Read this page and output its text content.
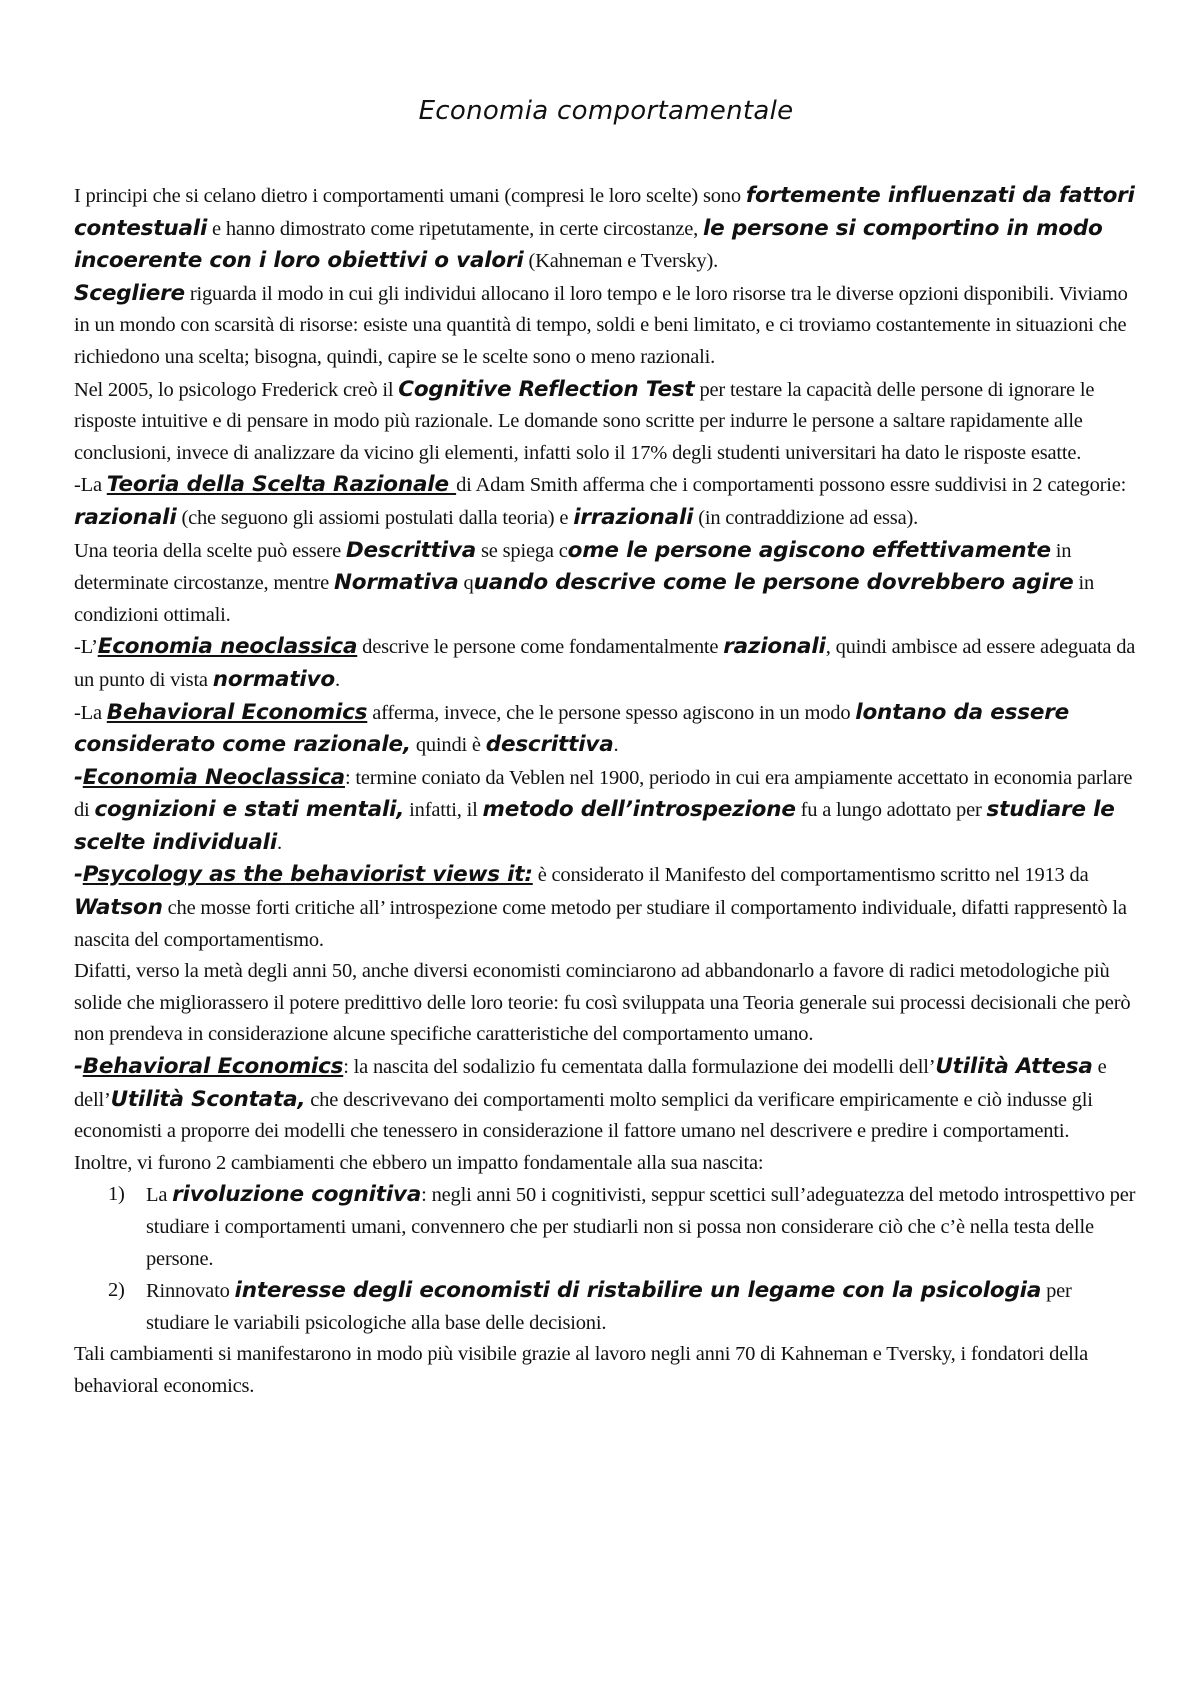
Economia comportamentale

I principi che si celano dietro i comportamenti umani (compresi le loro scelte) sono fortemente influenzati da fattori contestuali e hanno dimostrato come ripetutamente, in certe circostanze, le persone si comportino in modo incoerente con i loro obiettivi o valori (Kahneman e Tversky).

Scegliere riguarda il modo in cui gli individui allocano il loro tempo e le loro risorse tra le diverse opzioni disponibili. Viviamo in un mondo con scarsità di risorse: esiste una quantità di tempo, soldi e beni limitato, e ci troviamo costantemente in situazioni che richiedono una scelta; bisogna, quindi, capire se le scelte sono o meno razionali.

Nel 2005, lo psicologo Frederick creò il Cognitive Reflection Test per testare la capacità delle persone di ignorare le risposte intuitive e di pensare in modo più razionale. Le domande sono scritte per indurre le persone a saltare rapidamente alle conclusioni, invece di analizzare da vicino gli elementi, infatti solo il 17% degli studenti universitari ha dato le risposte esatte.

-La Teoria della Scelta Razionale di Adam Smith afferma che i comportamenti possono essre suddivisi in 2 categorie: razionali (che seguono gli assiomi postulati dalla teoria) e irrazionali (in contraddizione ad essa).

Una teoria della scelte può essere Descrittiva se spiega come le persone agiscono effettivamente in determinate circostanze, mentre Normativa quando descrive come le persone dovrebbero agire in condizioni ottimali.

-L’Economia neoclassica descrive le persone come fondamentalmente razionali, quindi ambisce ad essere adeguata da un punto di vista normativo.

-La Behavioral Economics afferma, invece, che le persone spesso agiscono in un modo lontano da essere considerato come razionale, quindi è descrittiva.

-Economia Neoclassica: termine coniato da Veblen nel 1900, periodo in cui era ampiamente accettato in economia parlare di cognizioni e stati mentali, infatti, il metodo dell’introspezione fu a lungo adottato per studiare le scelte individuali.

-Psycology as the behaviorist views it: è considerato il Manifesto del comportamentismo scritto nel 1913 da Watson che mosse forti critiche all’ introspezione come metodo per studiare il comportamento individuale, difatti rappresentò la nascita del comportamentismo.

Difatti, verso la metà degli anni 50, anche diversi economisti cominciarono ad abbandonarlo a favore di radici metodologiche più solide che migliorassero il potere predittivo delle loro teorie: fu così sviluppata una Teoria generale sui processi decisionali che però non prendeva in considerazione alcune specifiche caratteristiche del comportamento umano.

-Behavioral Economics: la nascita del sodalizio fu cementata dalla formulazione dei modelli dell’Utilità Attesa e dell’Utilità Scontata, che descrivevano dei comportamenti molto semplici da verificare empiricamente e ciò indusse gli economisti a proporre dei modelli che tenessero in considerazione il fattore umano nel descrivere e predire i comportamenti.

Inoltre, vi furono 2 cambiamenti che ebbero un impatto fondamentale alla sua nascita:

1) La rivoluzione cognitiva: negli anni 50 i cognitivisti, seppur scettici sull’adeguatezza del metodo introspettivo per studiare i comportamenti umani, convennero che per studiarli non si possa non considerare ciò che c’è nella testa delle persone.
2) Rinnovato interesse degli economisti di ristabilire un legame con la psicologia per studiare le variabili psicologiche alla base delle decisioni.

Tali cambiamenti si manifestarono in modo più visibile grazie al lavoro negli anni 70 di Kahneman e Tversky, i fondatori della behavioral economics.
